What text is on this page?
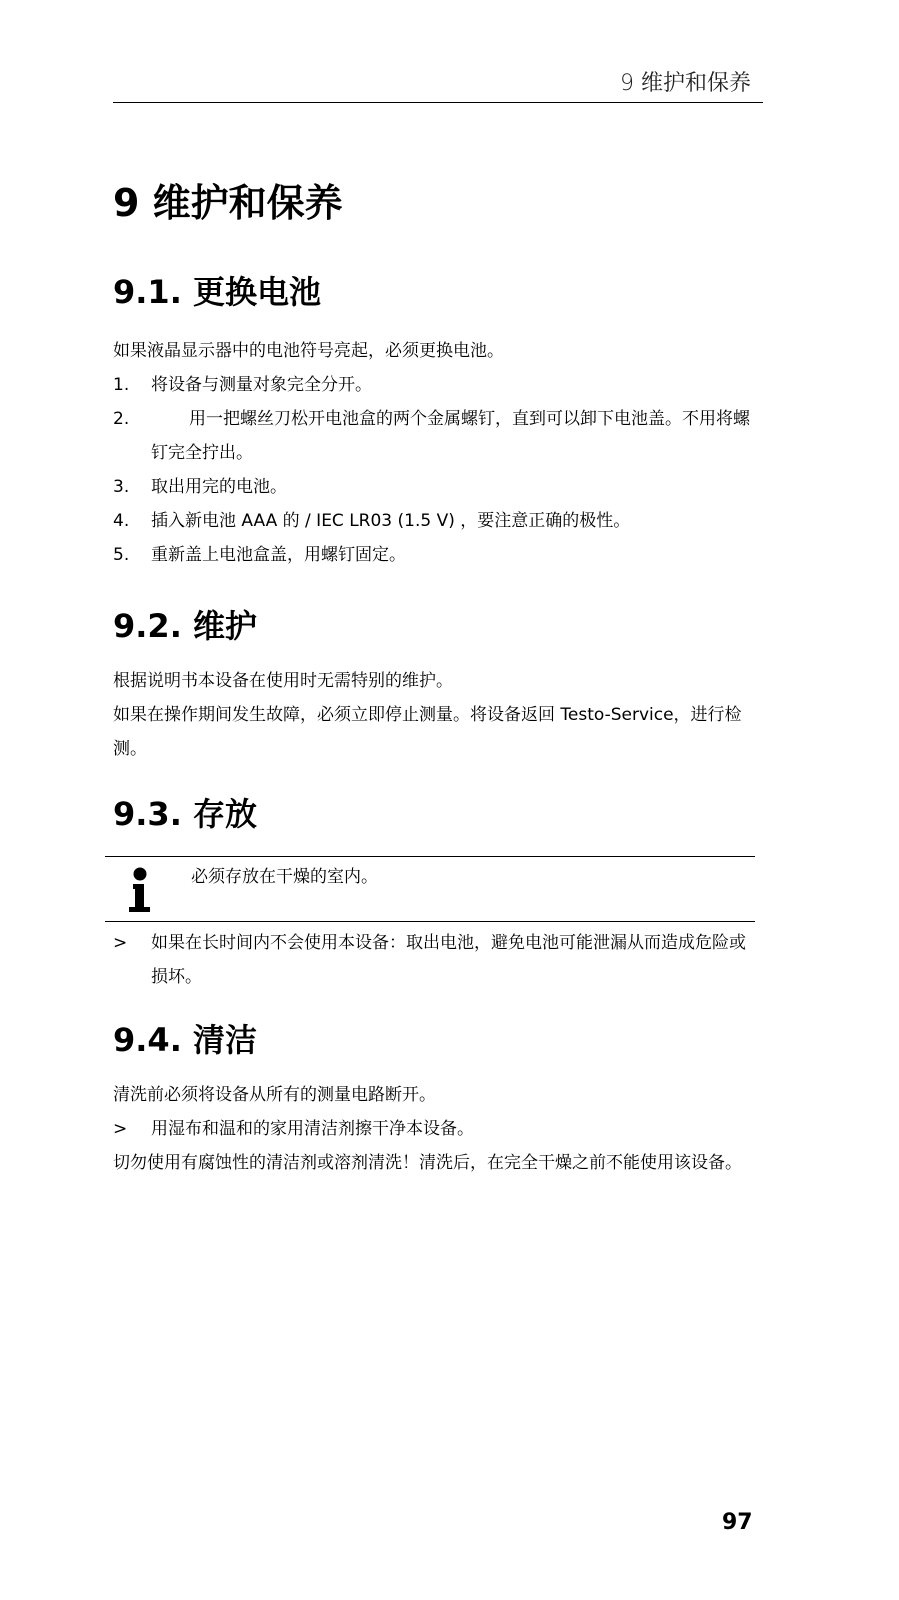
9 维护和保养
9 维护和保养
9.1. 更换电池

如果液晶显示器中的电池符号亮起，必须更换电池。

1.	将设备与测量对象完全分开。
2.	用一把螺丝刀松开电池盒的两个金属螺钉，直到可以卸下电池盖。不用将螺钉完全拧出。
3.	取出用完的电池。
4.	插入新电池 AAA 的 / IEC LR03 (1.5 V) ，要注意正确的极性。
5.	重新盖上电池盒盖，用螺钉固定。
9.2. 维护

根据说明书本设备在使用时无需特别的维护。

如果在操作期间发生故障，必须立即停止测量。将设备返回 Testo-Service，进行检测。

9.3. 存放
必须存放在干燥的室内。
>	如果在长时间内不会使用本设备：取出电池，避免电池可能泄漏从而造成危险或损坏。
9.4. 清洁

清洗前必须将设备从所有的测量电路断开。

>	用湿布和温和的家用清洁剂擦干净本设备。

切勿使用有腐蚀性的清洁剂或溶剂清洗！清洗后，在完全干燥之前不能使用该设备。

97
